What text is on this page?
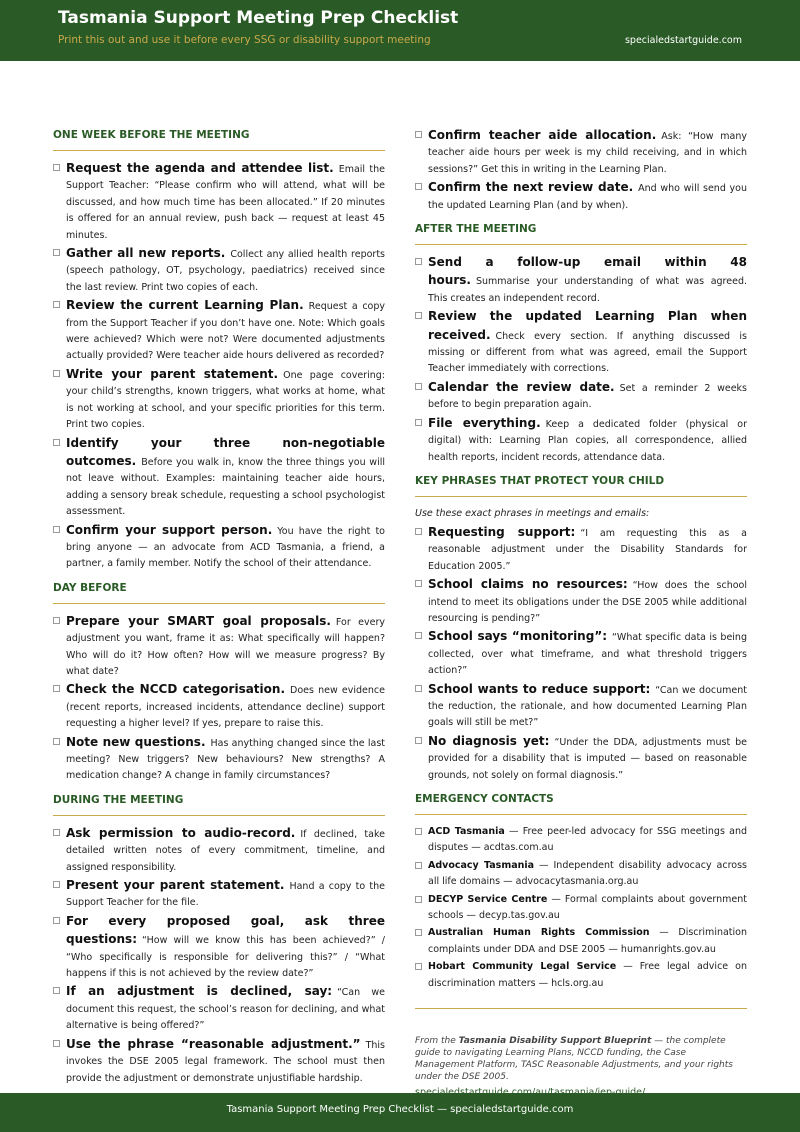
Tasmania Support Meeting Prep Checklist
Print this out and use it before every SSG or disability support meeting	specialedstartguide.com
ONE WEEK BEFORE THE MEETING
Request the agenda and attendee list. Email the Support Teacher: “Please confirm who will attend, what will be discussed, and how much time has been allocated.” If 20 minutes is offered for an annual review, push back — request at least 45 minutes.
Gather all new reports. Collect any allied health reports (speech pathology, OT, psychology, paediatrics) received since the last review. Print two copies of each.
Review the current Learning Plan. Request a copy from the Support Teacher if you don’t have one. Note: Which goals were achieved? Which were not? Were documented adjustments actually provided? Were teacher aide hours delivered as recorded?
Write your parent statement. One page covering: your child’s strengths, known triggers, what works at home, what is not working at school, and your specific priorities for this term. Print two copies.
Identify your three non-negotiable outcomes. Before you walk in, know the three things you will not leave without. Examples: maintaining teacher aide hours, adding a sensory break schedule, requesting a school psychologist assessment.
Confirm your support person. You have the right to bring anyone — an advocate from ACD Tasmania, a friend, a partner, a family member. Notify the school of their attendance.
DAY BEFORE
Prepare your SMART goal proposals. For every adjustment you want, frame it as: What specifically will happen? Who will do it? How often? How will we measure progress? By what date?
Check the NCCD categorisation. Does new evidence (recent reports, increased incidents, attendance decline) support requesting a higher level? If yes, prepare to raise this.
Note new questions. Has anything changed since the last meeting? New triggers? New behaviours? New strengths? A medication change? A change in family circumstances?
DURING THE MEETING
Ask permission to audio-record. If declined, take detailed written notes of every commitment, timeline, and assigned responsibility.
Present your parent statement. Hand a copy to the Support Teacher for the file.
For every proposed goal, ask three questions: “How will we know this has been achieved?” / “Who specifically is responsible for delivering this?” / “What happens if this is not achieved by the review date?”
If an adjustment is declined, say: “Can we document this request, the school’s reason for declining, and what alternative is being offered?”
Use the phrase “reasonable adjustment.” This invokes the DSE 2005 legal framework. The school must then provide the adjustment or demonstrate unjustifiable hardship.
Confirm teacher aide allocation. Ask: “How many teacher aide hours per week is my child receiving, and in which sessions?” Get this in writing in the Learning Plan.
Confirm the next review date. And who will send you the updated Learning Plan (and by when).
AFTER THE MEETING
Send a follow-up email within 48 hours. Summarise your understanding of what was agreed. This creates an independent record.
Review the updated Learning Plan when received. Check every section. If anything discussed is missing or different from what was agreed, email the Support Teacher immediately with corrections.
Calendar the review date. Set a reminder 2 weeks before to begin preparation again.
File everything. Keep a dedicated folder (physical or digital) with: Learning Plan copies, all correspondence, allied health reports, incident records, attendance data.
KEY PHRASES THAT PROTECT YOUR CHILD
Use these exact phrases in meetings and emails:
Requesting support: “I am requesting this as a reasonable adjustment under the Disability Standards for Education 2005.”
School claims no resources: “How does the school intend to meet its obligations under the DSE 2005 while additional resourcing is pending?”
School says “monitoring”: “What specific data is being collected, over what timeframe, and what threshold triggers action?”
School wants to reduce support: “Can we document the reduction, the rationale, and how documented Learning Plan goals will still be met?”
No diagnosis yet: “Under the DDA, adjustments must be provided for a disability that is imputed — based on reasonable grounds, not solely on formal diagnosis.”
EMERGENCY CONTACTS
ACD Tasmania — Free peer-led advocacy for SSG meetings and disputes — acdtas.com.au
Advocacy Tasmania — Independent disability advocacy across all life domains — advocacytasmania.org.au
DECYP Service Centre — Formal complaints about government schools — decyp.tas.gov.au
Australian Human Rights Commission — Discrimination complaints under DDA and DSE 2005 — humanrights.gov.au
Hobart Community Legal Service — Free legal advice on discrimination matters — hcls.org.au
From the Tasmania Disability Support Blueprint — the complete guide to navigating Learning Plans, NCCD funding, the Case Management Platform, TASC Reasonable Adjustments, and your rights under the DSE 2005.
Tasmania Support Meeting Prep Checklist — specialedstartguide.com
